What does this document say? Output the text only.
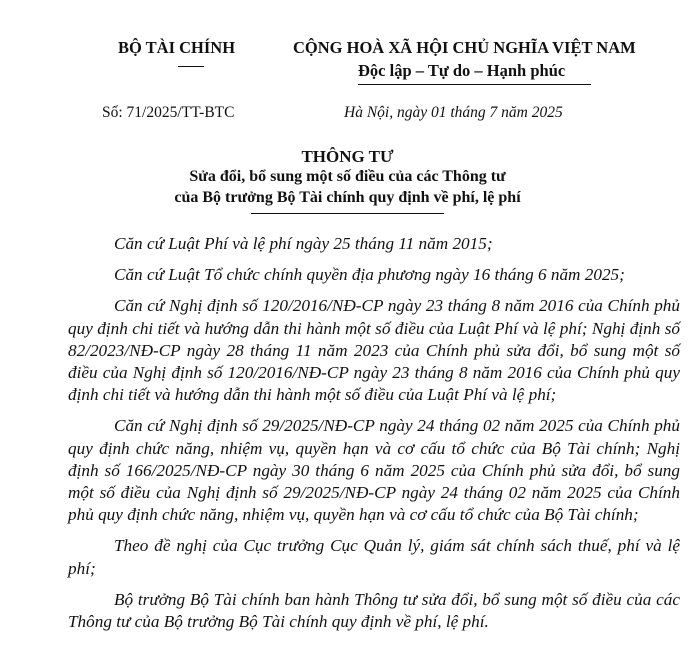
BỘ TÀI CHÍNH	CỘNG HOÀ XÃ HỘI CHỦ NGHĨA VIỆT NAM
Độc lập – Tự do – Hạnh phúc
Số: 71/2025/TT-BTC	Hà Nội, ngày 01 tháng 7 năm 2025
THÔNG TƯ
Sửa đổi, bổ sung một số điều của các Thông tư
của Bộ trưởng Bộ Tài chính quy định về phí, lệ phí

Căn cứ Luật Phí và lệ phí ngày 25 tháng 11 năm 2015;

Căn cứ Luật Tổ chức chính quyền địa phương ngày 16 tháng 6 năm 2025;

Căn cứ Nghị định số 120/2016/NĐ-CP ngày 23 tháng 8 năm 2016 của Chính phủ quy định chi tiết và hướng dẫn thi hành một số điều của Luật Phí và lệ phí; Nghị định số 82/2023/NĐ-CP ngày 28 tháng 11 năm 2023 của Chính phủ sửa đổi, bổ sung một số điều của Nghị định số 120/2016/NĐ-CP ngày 23 tháng 8 năm 2016 của Chính phủ quy định chi tiết và hướng dẫn thi hành một số điều của Luật Phí và lệ phí;

Căn cứ Nghị định số 29/2025/NĐ-CP ngày 24 tháng 02 năm 2025 của Chính phủ quy định chức năng, nhiệm vụ, quyền hạn và cơ cấu tổ chức của Bộ Tài chính; Nghị định số 166/2025/NĐ-CP ngày 30 tháng 6 năm 2025 của Chính phủ sửa đổi, bổ sung một số điều của Nghị định số 29/2025/NĐ-CP ngày 24 tháng 02 năm 2025 của Chính phủ quy định chức năng, nhiệm vụ, quyền hạn và cơ cấu tổ chức của Bộ Tài chính;

Theo đề nghị của Cục trưởng Cục Quản lý, giám sát chính sách thuế, phí và lệ phí;

Bộ trưởng Bộ Tài chính ban hành Thông tư sửa đổi, bổ sung một số điều của các Thông tư của Bộ trưởng Bộ Tài chính quy định về phí, lệ phí.
